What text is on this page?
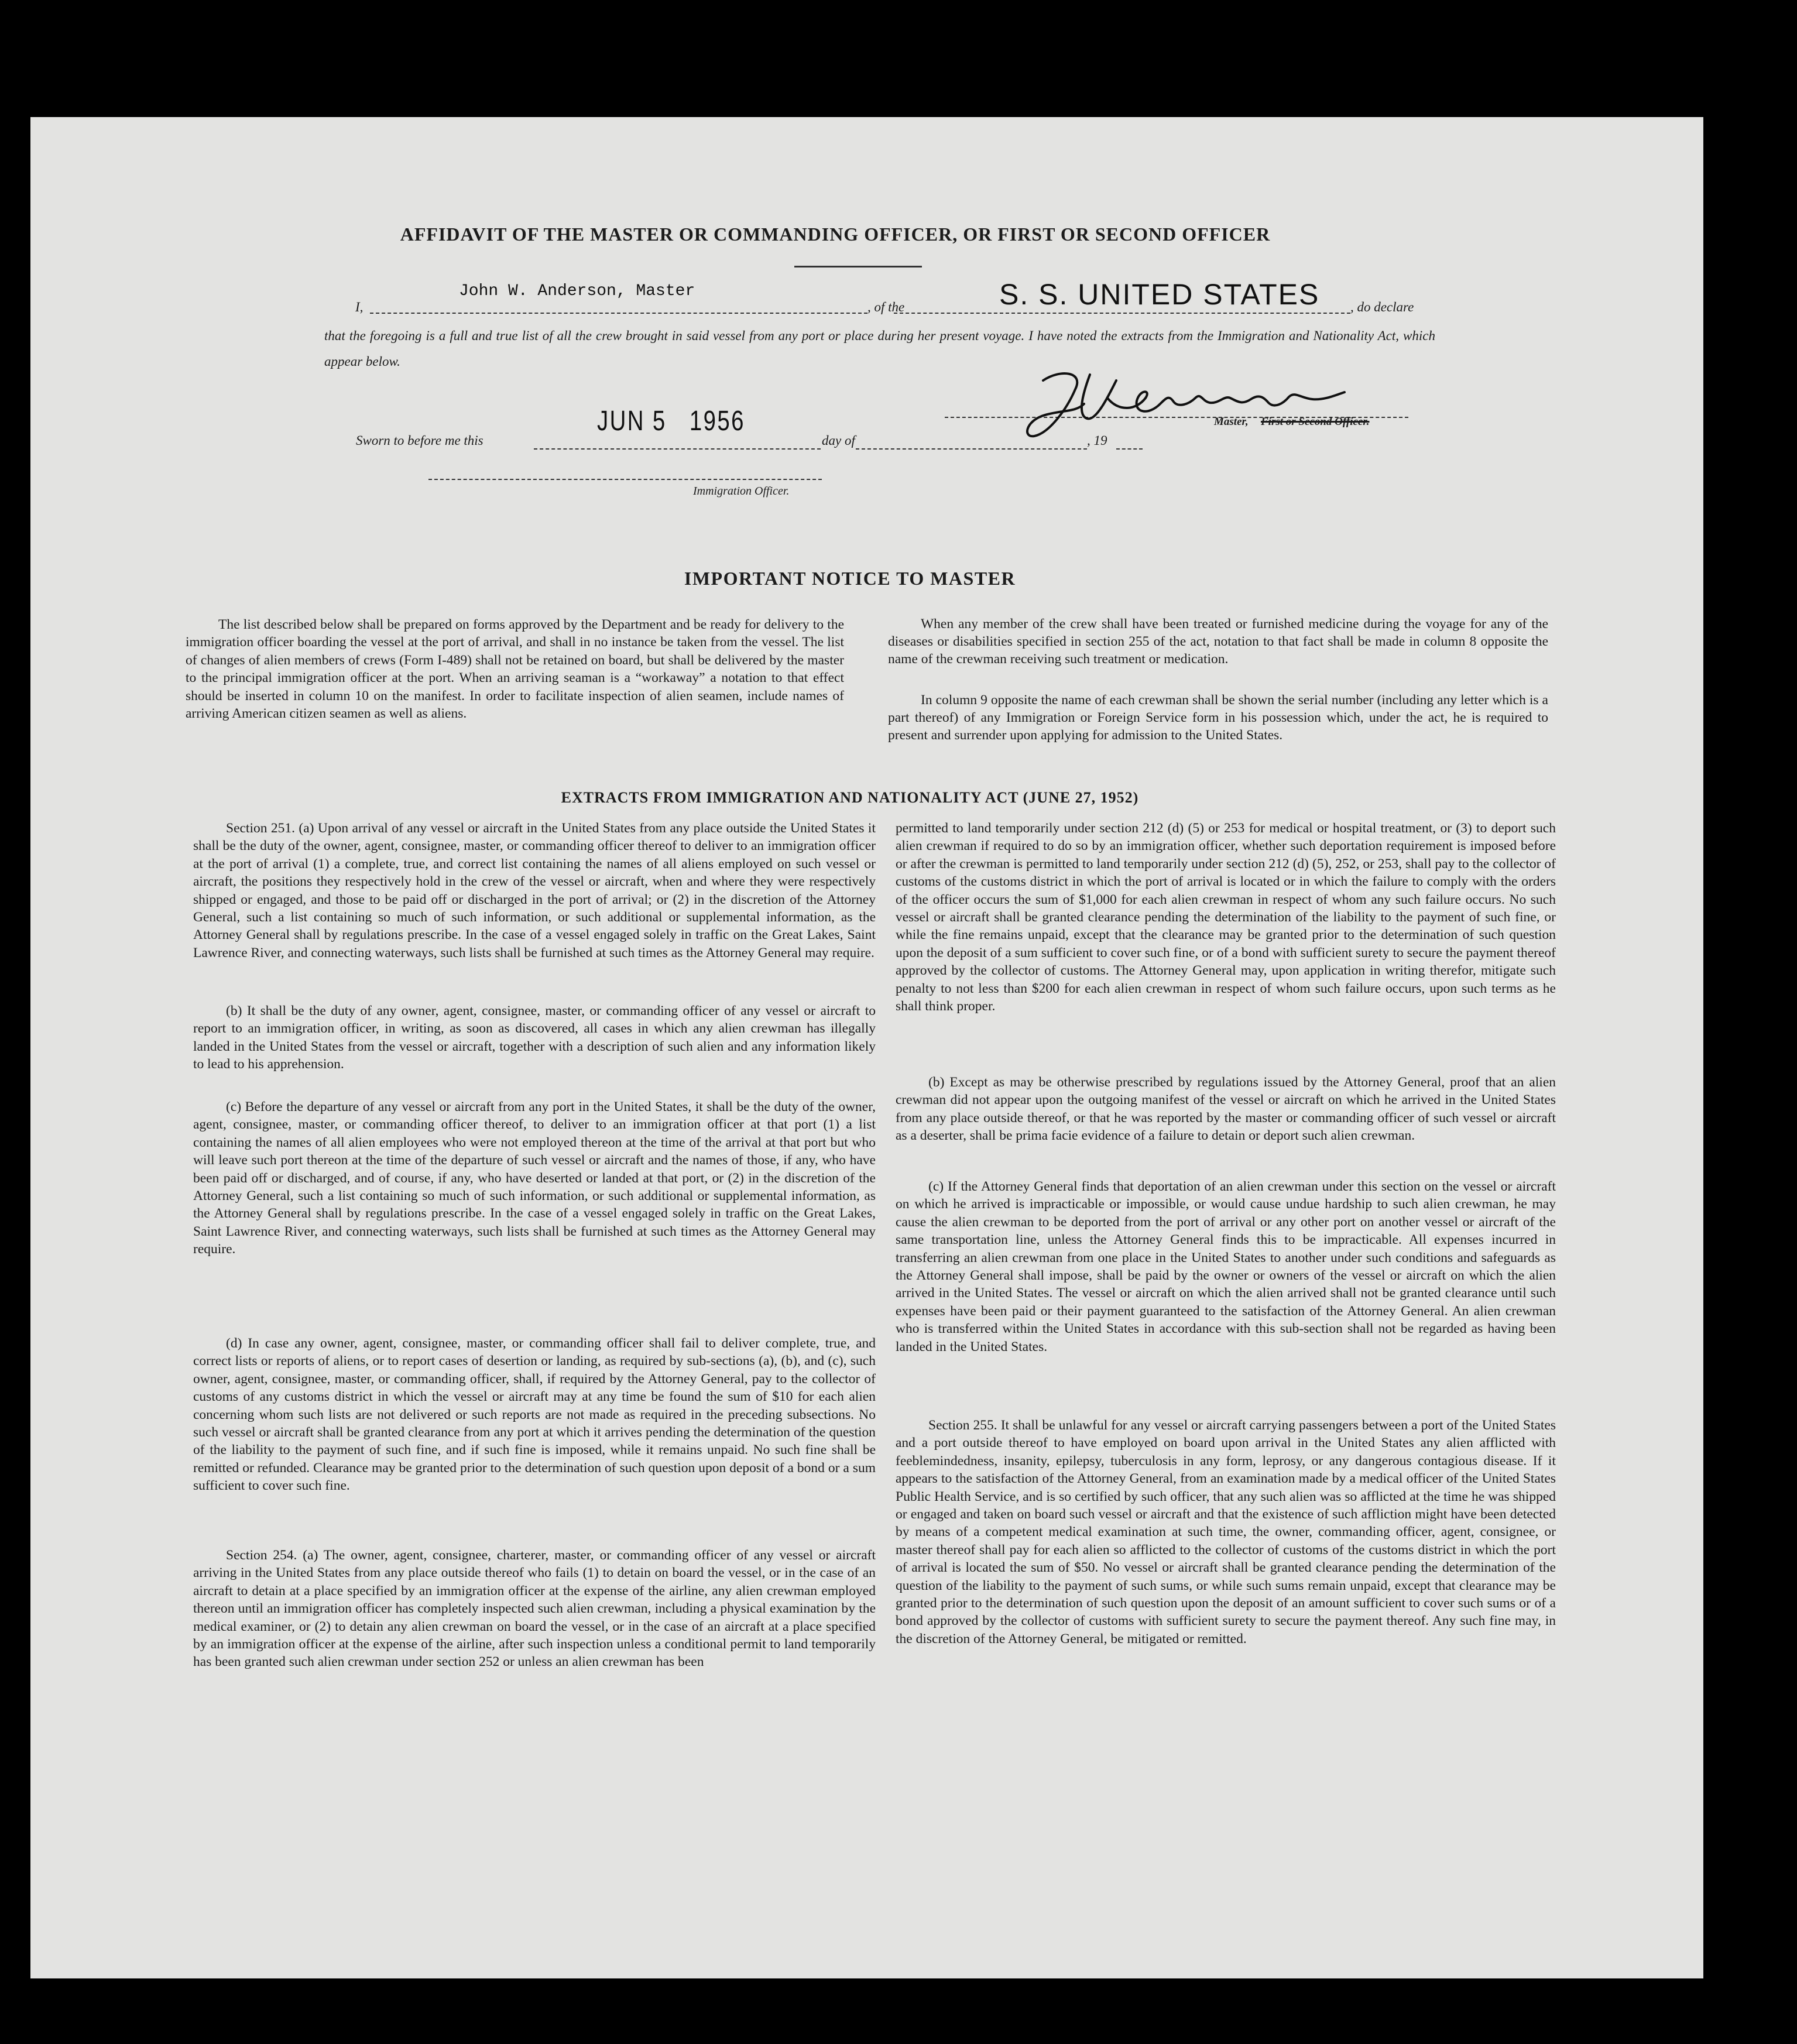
AFFIDAVIT OF THE MASTER OR COMMANDING OFFICER, OR FIRST OR SECOND OFFICER
I,
John W. Anderson, Master
, of the	S. S. UNITED STATES , do declare
that the foregoing is a full and true list of all the crew brought in said vessel from any port or place during her present voyage. I have noted the extracts from the Immigration and Nationality Act, which appear below.
Master, First or Second Officer.
Sworn to before me this
JUN 5   1956
day of	, 19
Immigration Officer.
IMPORTANT NOTICE TO MASTER
The list described below shall be prepared on forms approved by the Department and be ready for delivery to the immigration officer boarding the vessel at the port of arrival, and shall in no instance be taken from the vessel. The list of changes of alien members of crews (Form I-489) shall not be retained on board, but shall be delivered by the master to the principal immigration officer at the port. When an arriving seaman is a “workaway” a notation to that effect should be inserted in column 10 on the manifest. In order to facilitate inspection of alien seamen, include names of arriving American citizen seamen as well as aliens.
When any member of the crew shall have been treated or furnished medicine during the voyage for any of the diseases or disabilities specified in section 255 of the act, notation to that fact shall be made in column 8 opposite the name of the crewman receiving such treatment or medication.
In column 9 opposite the name of each crewman shall be shown the serial number (including any letter which is a part thereof) of any Immigration or Foreign Service form in his possession which, under the act, he is required to present and surrender upon applying for admission to the United States.
EXTRACTS FROM IMMIGRATION AND NATIONALITY ACT (JUNE 27, 1952)
Section 251. (a) Upon arrival of any vessel or aircraft in the United States from any place outside the United States it shall be the duty of the owner, agent, consignee, master, or commanding officer thereof to deliver to an immigration officer at the port of arrival (1) a complete, true, and correct list containing the names of all aliens employed on such vessel or aircraft, the positions they respectively hold in the crew of the vessel or aircraft, when and where they were respectively shipped or engaged, and those to be paid off or discharged in the port of arrival; or (2) in the discretion of the Attorney General, such a list containing so much of such information, or such additional or supplemental information, as the Attorney General shall by regulations prescribe. In the case of a vessel engaged solely in traffic on the Great Lakes, Saint Lawrence River, and connecting waterways, such lists shall be furnished at such times as the Attorney General may require.
(b) It shall be the duty of any owner, agent, consignee, master, or commanding officer of any vessel or aircraft to report to an immigration officer, in writing, as soon as discovered, all cases in which any alien crewman has illegally landed in the United States from the vessel or aircraft, together with a description of such alien and any information likely to lead to his apprehension.
(c) Before the departure of any vessel or aircraft from any port in the United States, it shall be the duty of the owner, agent, consignee, master, or commanding officer thereof, to deliver to an immigration officer at that port (1) a list containing the names of all alien employees who were not employed thereon at the time of the arrival at that port but who will leave such port thereon at the time of the departure of such vessel or aircraft and the names of those, if any, who have been paid off or discharged, and of course, if any, who have deserted or landed at that port, or (2) in the discretion of the Attorney General, such a list containing so much of such information, or such additional or supplemental information, as the Attorney General shall by regulations prescribe. In the case of a vessel engaged solely in traffic on the Great Lakes, Saint Lawrence River, and connecting waterways, such lists shall be furnished at such times as the Attorney General may require.
(d) In case any owner, agent, consignee, master, or commanding officer shall fail to deliver complete, true, and correct lists or reports of aliens, or to report cases of desertion or landing, as required by sub-sections (a), (b), and (c), such owner, agent, consignee, master, or commanding officer, shall, if required by the Attorney General, pay to the collector of customs of any customs district in which the vessel or aircraft may at any time be found the sum of $10 for each alien concerning whom such lists are not delivered or such reports are not made as required in the preceding subsections. No such vessel or aircraft shall be granted clearance from any port at which it arrives pending the determination of the question of the liability to the payment of such fine, and if such fine is imposed, while it remains unpaid. No such fine shall be remitted or refunded. Clearance may be granted prior to the determination of such question upon deposit of a bond or a sum sufficient to cover such fine.
Section 254. (a) The owner, agent, consignee, charterer, master, or commanding officer of any vessel or aircraft arriving in the United States from any place outside thereof who fails (1) to detain on board the vessel, or in the case of an aircraft to detain at a place specified by an immigration officer at the expense of the airline, any alien crewman employed thereon until an immigration officer has completely inspected such alien crewman, including a physical examination by the medical examiner, or (2) to detain any alien crewman on board the vessel, or in the case of an aircraft at a place specified by an immigration officer at the expense of the airline, after such inspection unless a conditional permit to land temporarily has been granted such alien crewman under section 252 or unless an alien crewman has been
permitted to land temporarily under section 212 (d) (5) or 253 for medical or hospital treatment, or (3) to deport such alien crewman if required to do so by an immigration officer, whether such deportation requirement is imposed before or after the crewman is permitted to land temporarily under section 212 (d) (5), 252, or 253, shall pay to the collector of customs of the customs district in which the port of arrival is located or in which the failure to comply with the orders of the officer occurs the sum of $1,000 for each alien crewman in respect of whom any such failure occurs. No such vessel or aircraft shall be granted clearance pending the determination of the liability to the payment of such fine, or while the fine remains unpaid, except that the clearance may be granted prior to the determination of such question upon the deposit of a sum sufficient to cover such fine, or of a bond with sufficient surety to secure the payment thereof approved by the collector of customs. The Attorney General may, upon application in writing therefor, mitigate such penalty to not less than $200 for each alien crewman in respect of whom such failure occurs, upon such terms as he shall think proper.
(b) Except as may be otherwise prescribed by regulations issued by the Attorney General, proof that an alien crewman did not appear upon the outgoing manifest of the vessel or aircraft on which he arrived in the United States from any place outside thereof, or that he was reported by the master or commanding officer of such vessel or aircraft as a deserter, shall be prima facie evidence of a failure to detain or deport such alien crewman.
(c) If the Attorney General finds that deportation of an alien crewman under this section on the vessel or aircraft on which he arrived is impracticable or impossible, or would cause undue hardship to such alien crewman, he may cause the alien crewman to be deported from the port of arrival or any other port on another vessel or aircraft of the same transportation line, unless the Attorney General finds this to be impracticable. All expenses incurred in transferring an alien crewman from one place in the United States to another under such conditions and safeguards as the Attorney General shall impose, shall be paid by the owner or owners of the vessel or aircraft on which the alien arrived in the United States. The vessel or aircraft on which the alien arrived shall not be granted clearance until such expenses have been paid or their payment guaranteed to the satisfaction of the Attorney General. An alien crewman who is transferred within the United States in accordance with this sub-section shall not be regarded as having been landed in the United States.
Section 255. It shall be unlawful for any vessel or aircraft carrying passengers between a port of the United States and a port outside thereof to have employed on board upon arrival in the United States any alien afflicted with feeblemindedness, insanity, epilepsy, tuberculosis in any form, leprosy, or any dangerous contagious disease. If it appears to the satisfaction of the Attorney General, from an examination made by a medical officer of the United States Public Health Service, and is so certified by such officer, that any such alien was so afflicted at the time he was shipped or engaged and taken on board such vessel or aircraft and that the existence of such affliction might have been detected by means of a competent medical examination at such time, the owner, commanding officer, agent, consignee, or master thereof shall pay for each alien so afflicted to the collector of customs of the customs district in which the port of arrival is located the sum of $50. No vessel or aircraft shall be granted clearance pending the determination of the question of the liability to the payment of such sums, or while such sums remain unpaid, except that clearance may be granted prior to the determination of such question upon the deposit of an amount sufficient to cover such sums or of a bond approved by the collector of customs with sufficient surety to secure the payment thereof. Any such fine may, in the discretion of the Attorney General, be mitigated or remitted.
